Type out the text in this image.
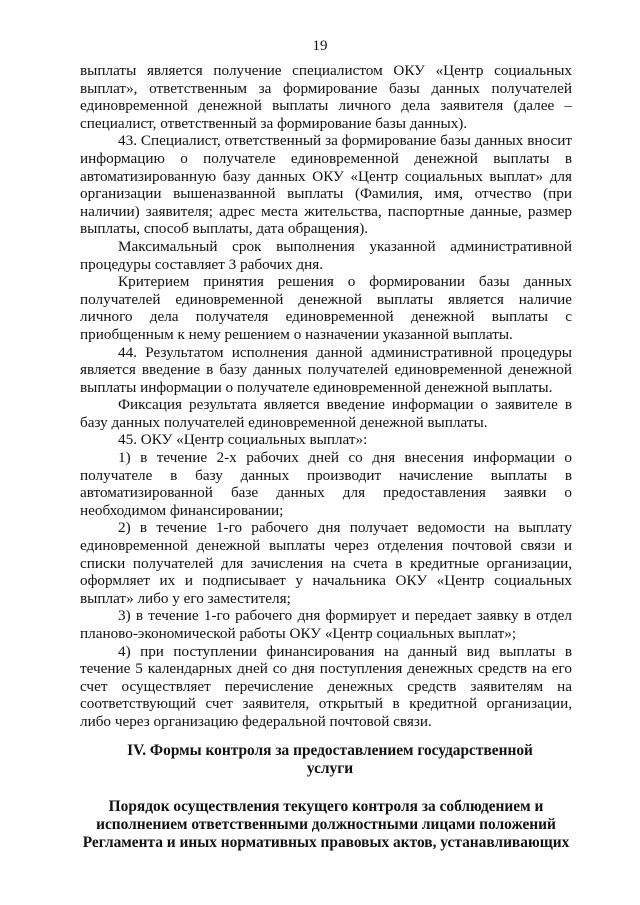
19

выплаты является получение специалистом ОКУ «Центр социальных выплат», ответственным за формирование базы данных получателей единовременной денежной выплаты личного дела заявителя (далее – специалист, ответственный за формирование базы данных).

43. Специалист, ответственный за формирование базы данных вносит информацию о получателе единовременной денежной выплаты в автоматизированную базу данных ОКУ «Центр социальных выплат» для организации вышеназванной выплаты (Фамилия, имя, отчество (при наличии) заявителя; адрес места жительства, паспортные данные, размер выплаты, способ выплаты, дата обращения).

Максимальный срок выполнения указанной административной процедуры составляет 3 рабочих дня.

Критерием принятия решения о формировании базы данных получателей единовременной денежной выплаты является наличие личного дела получателя единовременной денежной выплаты с приобщенным к нему решением о назначении указанной выплаты.

44. Результатом исполнения данной административной процедуры является введение в базу данных получателей единовременной денежной выплаты информации о получателе единовременной денежной выплаты.

Фиксация результата является введение информации о заявителе в базу данных получателей единовременной денежной выплаты.

45. ОКУ «Центр социальных выплат»:

1) в течение 2-х рабочих дней со дня внесения информации о получателе в базу данных производит начисление выплаты в автоматизированной базе данных для предоставления заявки о необходимом финансировании;

2) в течение 1-го рабочего дня получает ведомости на выплату единовременной денежной выплаты через отделения почтовой связи и списки получателей для зачисления на счета в кредитные организации, оформляет их и подписывает у начальника ОКУ «Центр социальных выплат» либо у его заместителя;

3) в течение 1-го рабочего дня формирует и передает заявку в отдел планово-экономической работы ОКУ «Центр социальных выплат»;

4) при поступлении финансирования на данный вид выплаты в течение 5 календарных дней со дня поступления денежных средств на его счет осуществляет перечисление денежных средств заявителям на соответствующий счет заявителя, открытый в кредитной организации, либо через организацию федеральной почтовой связи.

IV. Формы контроля за предоставлением государственной услуги
Порядок осуществления текущего контроля за соблюдением и исполнением ответственными должностными лицами положений Регламента и иных нормативных правовых актов, устанавливающих
